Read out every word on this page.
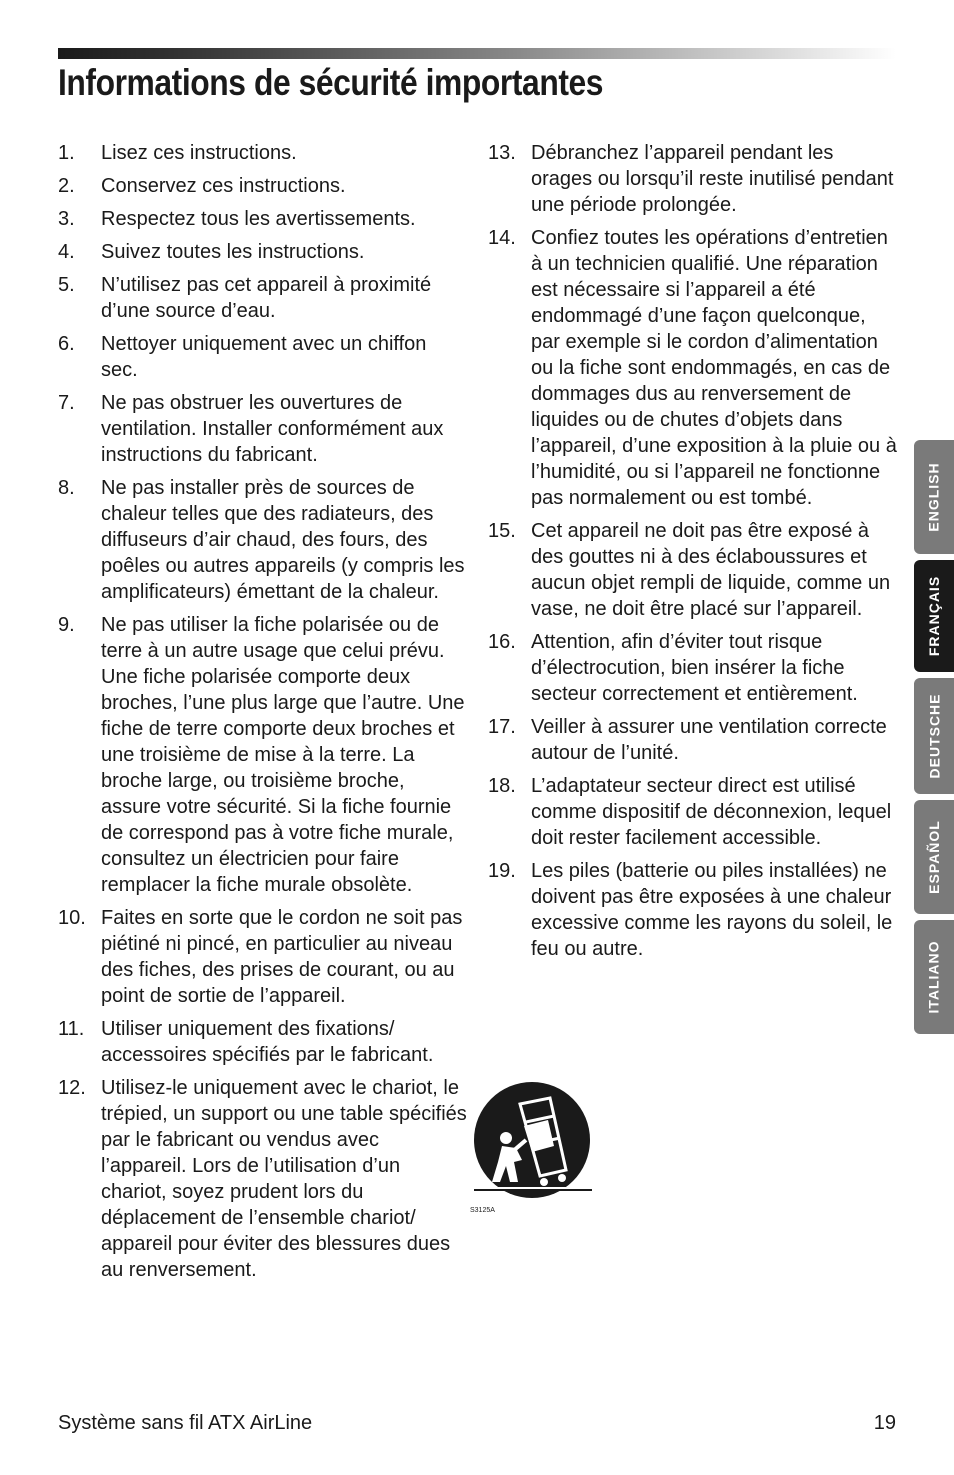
Informations de sécurité importantes
1.	Lisez ces instructions.
2.	Conservez ces instructions.
3.	Respectez tous les avertissements.
4.	Suivez toutes les instructions.
5.	N’utilisez pas cet appareil à proximité d’une source d’eau.
6.	Nettoyer uniquement avec un chiffon sec.
7.	Ne pas obstruer les ouvertures de ventilation. Installer conformément aux instructions du fabricant.
8.	Ne pas installer près de sources de chaleur telles que des radiateurs, des diffuseurs d’air chaud, des fours, des poêles ou autres appareils (y compris les amplificateurs) émettant de la chaleur.
9.	Ne pas utiliser la fiche polarisée ou de terre à un autre usage que celui prévu. Une fiche polarisée comporte deux broches, l’une plus large que l’autre. Une fiche de terre comporte deux broches et une troisième de mise à la terre. La broche large, ou troisième broche, assure votre sécurité. Si la fiche fournie de correspond pas à votre fiche murale, consultez un électricien pour faire remplacer la fiche murale obsolète.
10. Faites en sorte que le cordon ne soit pas piétiné ni pincé, en particulier au niveau des fiches, des prises de courant, ou au point de sortie de l’appareil.
11. Utiliser uniquement des fixations/ accessoires spécifiés par le fabricant.
12. Utilisez-le uniquement avec le chariot, le trépied, un support ou une table spécifiés par le fabricant ou vendus avec l’appareil. Lors de l’utilisation d’un chariot, soyez prudent lors du déplacement de l’ensemble chariot/ appareil pour éviter des blessures dues au renversement.
13. Débranchez l’appareil pendant les orages ou lorsqu’il reste inutilisé pendant une période prolongée.
14. Confiez toutes les opérations d’entretien à un technicien qualifié. Une réparation est nécessaire si l’appareil a été endommagé d’une façon quelconque, par exemple si le cordon d’alimentation ou la fiche sont endommagés, en cas de dommages dus au renversement de liquides ou de chutes d’objets dans l’appareil, d’une exposition à la pluie ou à l’humidité, ou si l’appareil ne fonctionne pas normalement ou est tombé.
15. Cet appareil ne doit pas être exposé à des gouttes ni à des éclaboussures et aucun objet rempli de liquide, comme un vase, ne doit être placé sur l’appareil.
16. Attention, afin d’éviter tout risque d’électrocution, bien insérer la fiche secteur correctement et entièrement.
17. Veiller à assurer une ventilation correcte autour de l’unité.
18. L’adaptateur secteur direct est utilisé comme dispositif de déconnexion, lequel doit rester facilement accessible.
19. Les piles (batterie ou piles installées) ne doivent pas être exposées à une chaleur excessive comme les rayons du soleil, le feu ou autre.
S3125A
ENGLISH
FRANÇAIS
DEUTSCHE
ESPAÑOL
ITALIANO
Système sans fil ATX AirLine	19
